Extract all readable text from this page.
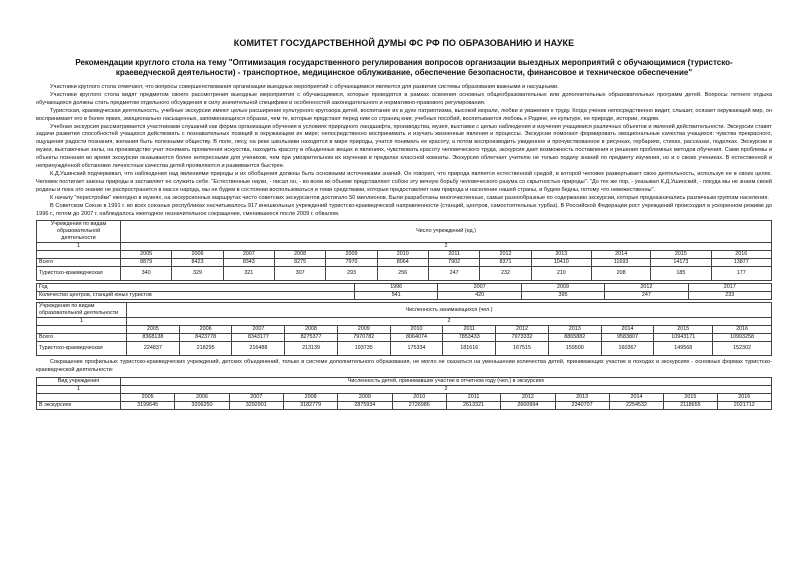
КОМИТЕТ ГОСУДАРСТВЕННОЙ ДУМЫ ФС РФ ПО ОБРАЗОВАНИЮ И НАУКЕ
Рекомендации круглого стола на тему "Оптимизация государственного регулирования вопросов организации выездных мероприятий с обучающимися (туристско-
краеведческой деятельности) - транспортное, медицинское облуживание, обеспечение безопасности, финансовое и техническое обеспечение"

Участники круглого стола отмечают, что вопросы совершенствования организации выездных мероприятий с обучающимися являются для развития системы образования важными и насущными.

Участники круглого стола видят предметом своего рассмотрения выездные мероприятия с обучающимися, которые проводятся в рамках освоения основных общеобразовательных или дополнительных образовательных программ детей. Вопросы летнего отдыха обучающихся должны стать предметом отдельного обсуждения в силу значительной специфики и особенностей законодательного и нормативно-правового регулирования.

Туристская, краеведческая деятельность, учебные экскурсии имеют целью расширение культурного кругозора детей, воспитание их в духе патриотизма, высокой морали, любви и уважения к труду. Когда ученик непосредственно видит, слышит, осязает окружающий мир, он воспринимает его в более ярких, эмоционально насыщенных, запоминающихся образах, чем те, которые предстают перед ним со страниц книг, учебных пособий, воспитывается любовь к Родине, ее культуре, ее природе, истории, людям.

Учебная экскурсия рассматривается участниками слушаний как форма организации обучения в условиях природного ландшафта, производства, музея, выставки с целью наблюдения и изучения учащимися различных объектов и явлений действительности. Экскурсии ставят задачи развития способностей учащихся действовать с познавательных позиций в окружающем их мире; непосредственно воспринимать и изучать жизненные явления и процессы. Экскурсии помогают формировать эмоциональные качества учащихся: чувства прекрасного, ощущения радости познания, желания быть полезными обществу. В поле, лесу, на реке школьники находятся в мире природы, учатся понимать ее красоту, а потом воспроизводить увиденное и прочувствованное в рисунках, гербариях, стихах, рассказах, поделках. Экскурсии в музеи, выставочные залы, на производство учат понимать проявления искусства, находить красоту в обыденных вещах и явлениях, чувствовать красоту человеческого труда, экскурсия дает возможность поставления и решения проблемных методов обучения. Сами проблемы и объекты познания во время экскурсии оказываются более интересными для учеников, чем при умозрительном их изучении в пределах классной комнаты. Экскурсия облегчает учителю не только подачу знаний по предмету изучения, но и о своих учениках. В естественной и непринуждённой обстановке личностные качества детей проявляются и развиваются быстрее.

К.Д.Ушинский подчеркивал, что наблюдения над явлениями природы и их обобщения должны быть основными источниками знаний. Он говорил, что природа является естественной средой, в которой человек развертывает свою деятельность, используя ее в своих целях. Человек постигает законы природы и заставляет ее служить себе. "Естественные науки, - писал он, - во всем их объеме представляют собою эту вечную борьбу человеческого разума со скрытностью природы". "До тех же пор, - указывал К.Д.Ушинский, - покуда мы не знаем своей родины и пока это знание не распространится в массе народа, мы не будем в состоянии воспользоваться и теми средствами, которые предоставляет нам природа и население нашей страны, и будем бедны, потому что невежественны".

К началу "перестройки" ежегодно в музеях, на экскурсионных маршрутах чисто советских экскурсантов достигало 50 миллионов. Были разработаны многочисленные, самые разнообразные по содержанию экскурсии, которые предназначались различным группам населения.

В Советском Союзе в 1991 г. во всех союзных республиках насчитывалось 917 внешкольных учреждений туристско-краеведческой направленности (станций, центров, самостоятельных турбаз). В Российской Федерации рост учреждений происходил в ускоренном режиме до 1996 г., потом до 2007 г. наблюдалось ежегодное незначительное сокращение, сменившееся после 2009 г. обвалом.

Учреждения по видам образовательной деятельности	Число учреждений (ед.)											
1	2											
	2005	2006	2007	2008	2009	2010	2011	2012	2013	2014	2015	2016
Всего	8879	8423	8343	8275	7970	8064	7902	8371	10410	11693	14173	13877
Туристско-краеведческая	340	329	321	307	293	256	247	232	210	208	185	177
Год	1996	2007	2009	2012	2017
Количество центров, станций юных туристов	541	420	395	247	233
Учреждения по видам образовательной деятельности	Численность занимающихся (чел.)											
1	2											
	2005	2006	2007	2008	2009	2010	2011	2012	2013	2014	2015	2016
Всего	8368138	8423778	8343177	8275377	7970782	8064074	7853433	7973332	8865882	9583807	10943171	10993258
Туристско-краеведческая	224837	218295	216488	213139	193735	175334	181616	167515	159500	160367	149568	152302

Сокращение профильных туристско-краеведческих учреждений, детских объединений, только в системе дополнительного образования, не могло не сказаться на уменьшении количества детей, принимающих участие в походах и экскурсиях - основных формах туристско-краеведческой деятельности:

Вид учреждения	Численность детей, принимавших участие в отчетном году (чел.) в экскурсиях											
1	2											
	2005	2006	2007	2008	2009	2010	2011	2012	2013	2014	2015	2016
В экскурсиях	3199645	3206250	3292901	3182779	2875934	2726986	2613321	2600994	2340707	2254532	2118655	2021712
